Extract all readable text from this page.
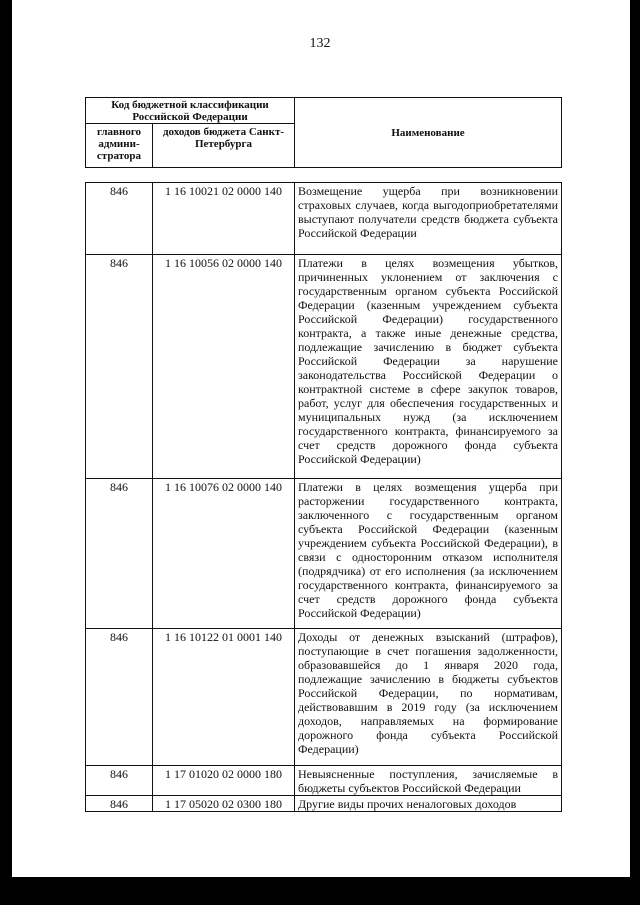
132
Код бюджетной классификации Российской Федерации		Наименование
главного админи-стратора	доходов бюджета Санкт-Петербурга	
846	1 16 10021 02 0000 140	Возмещение ущерба при возникновении страховых случаев, когда выгодоприобретателями выступают получатели средств бюджета субъекта Российской Федерации
846	1 16 10056 02 0000 140	Платежи в целях возмещения убытков, причиненных уклонением от заключения с государственным органом субъекта Российской Федерации (казенным учреждением субъекта Российской Федерации) государственного контракта, а также иные денежные средства, подлежащие зачислению в бюджет субъекта Российской Федерации за нарушение законодательства Российской Федерации о контрактной системе в сфере закупок товаров, работ, услуг для обеспечения государственных и муниципальных нужд (за исключением государственного контракта, финансируемого за счет средств дорожного фонда субъекта Российской Федерации)
846	1 16 10076 02 0000 140	Платежи в целях возмещения ущерба при расторжении государственного контракта, заключенного с государственным органом субъекта Российской Федерации (казенным учреждением субъекта Российской Федерации), в связи с односторонним отказом исполнителя (подрядчика) от его исполнения (за исключением государственного контракта, финансируемого за счет средств дорожного фонда субъекта Российской Федерации)
846	1 16 10122 01 0001 140	Доходы от денежных взысканий (штрафов), поступающие в счет погашения задолженности, образовавшейся до 1 января 2020 года, подлежащие зачислению в бюджеты субъектов Российской Федерации, по нормативам, действовавшим в 2019 году (за исключением доходов, направляемых на формирование дорожного фонда субъекта Российской Федерации)
846	1 17 01020 02 0000 180	Невыясненные поступления, зачисляемые в бюджеты субъектов Российской Федерации
846	1 17 05020 02 0300 180	Другие виды прочих неналоговых доходов
